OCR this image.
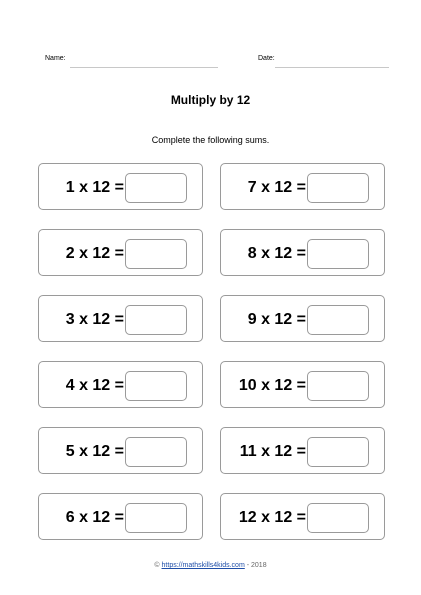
Name:	Date:
Multiply by 12
Complete the following sums.
1 x 12 =
2 x 12 =
3 x 12 =
4 x 12 =
5 x 12 =
6 x 12 =
7 x 12 =
8 x 12 =
9 x 12 =
10 x 12 =
11 x 12 =
12 x 12 =
© https://mathskills4kids.com - 2018
